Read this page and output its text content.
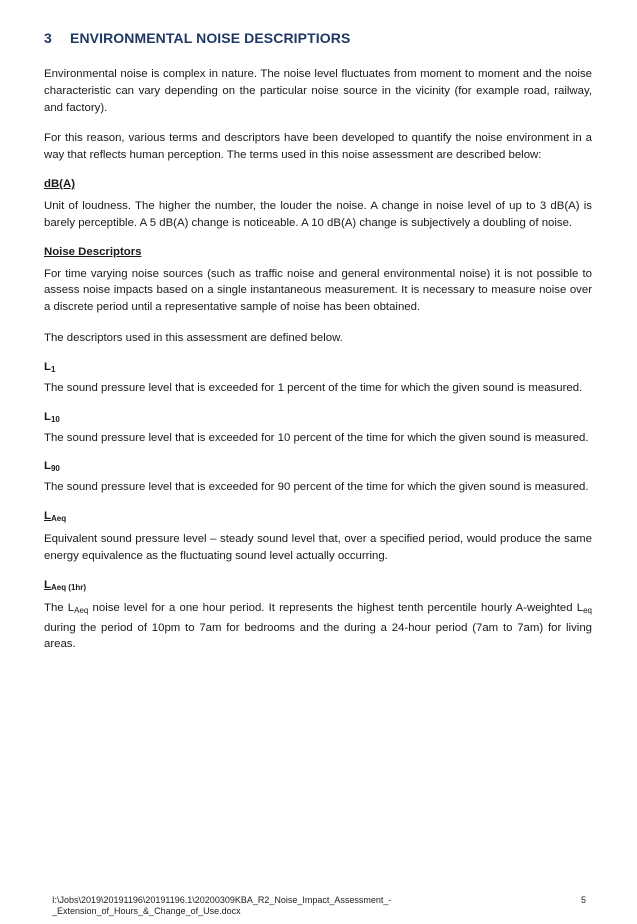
3 ENVIRONMENTAL NOISE DESCRIPTIORS

Environmental noise is complex in nature. The noise level fluctuates from moment to moment and the noise characteristic can vary depending on the particular noise source in the vicinity (for example road, railway, and factory).

For this reason, various terms and descriptors have been developed to quantify the noise environment in a way that reflects human perception. The terms used in this noise assessment are described below:

dB(A)

Unit of loudness. The higher the number, the louder the noise. A change in noise level of up to 3 dB(A) is barely perceptible. A 5 dB(A) change is noticeable. A 10 dB(A) change is subjectively a doubling of noise.

Noise Descriptors

For time varying noise sources (such as traffic noise and general environmental noise) it is not possible to assess noise impacts based on a single instantaneous measurement. It is necessary to measure noise over a discrete period until a representative sample of noise has been obtained.

The descriptors used in this assessment are defined below.

$L_1$

The sound pressure level that is exceeded for 1 percent of the time for which the given sound is measured.

$L_{10}$

The sound pressure level that is exceeded for 10 percent of the time for which the given sound is measured.

$L_{90}$

The sound pressure level that is exceeded for 90 percent of the time for which the given sound is measured.

$L_{Aeq}$

Equivalent sound pressure level – steady sound level that, over a specified period, would produce the same energy equivalence as the fluctuating sound level actually occurring.

$L_{Aeq (1hr)}$

The LAeq noise level for a one hour period. It represents the highest tenth percentile hourly A-weighted Leq during the period of 10pm to 7am for bedrooms and the during a 24-hour period (7am to 7am) for living areas.

I:\Jobs\2019\20191196\20191196.1\20200309KBA_R2_Noise_Impact_Assessment_-_Extension_of_Hours_&_Change_of_Use.docx
5
